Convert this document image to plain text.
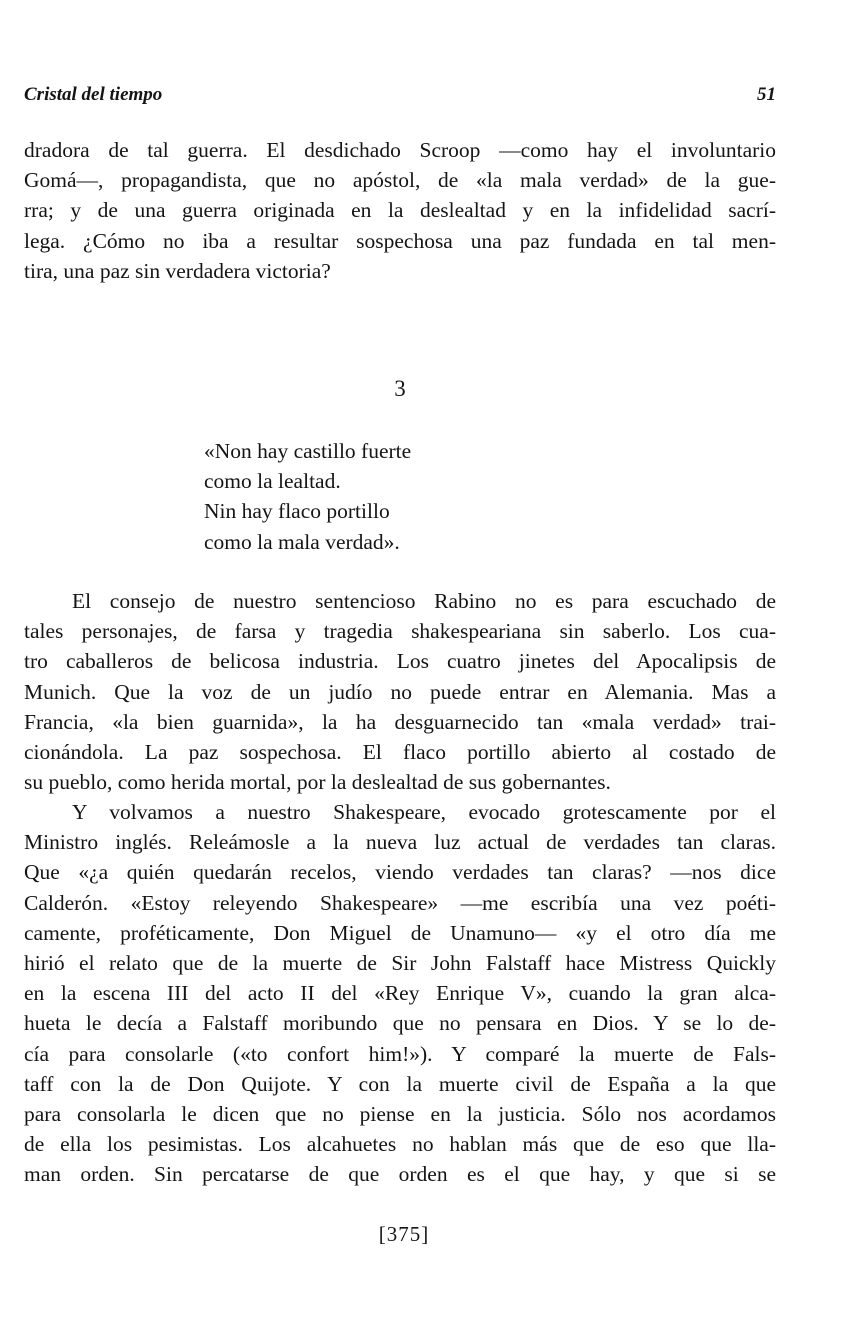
Cristal del tiempo	51
dradora de tal guerra. El desdichado Scroop —como hay el involuntario
Gomá—, propagandista, que no apóstol, de «la mala verdad» de la gue-
rra; y de una guerra originada en la deslealtad y en la infidelidad sacrí-
lega. ¿Cómo no iba a resultar sospechosa una paz fundada en tal men-
tira, una paz sin verdadera victoria?
3
«Non hay castillo fuerte
como la lealtad.
Nin hay flaco portillo
como la mala verdad».
El consejo de nuestro sentencioso Rabino no es para escuchado de
tales personajes, de farsa y tragedia shakespeariana sin saberlo. Los cua-
tro caballeros de belicosa industria. Los cuatro jinetes del Apocalipsis de
Munich. Que la voz de un judío no puede entrar en Alemania. Mas a
Francia, «la bien guarnida», la ha desguarnecido tan «mala verdad» trai-
cionándola. La paz sospechosa. El flaco portillo abierto al costado de
su pueblo, como herida mortal, por la deslealtad de sus gobernantes.
Y volvamos a nuestro Shakespeare, evocado grotescamente por el
Ministro inglés. Releámosle a la nueva luz actual de verdades tan claras.
Que «¿a quién quedarán recelos, viendo verdades tan claras? —nos dice
Calderón. «Estoy releyendo Shakespeare» —me escribía una vez poéti-
camente, proféticamente, Don Miguel de Unamuno— «y el otro día me
hirió el relato que de la muerte de Sir John Falstaff hace Mistress Quickly
en la escena III del acto II del «Rey Enrique V», cuando la gran alca-
hueta le decía a Falstaff moribundo que no pensara en Dios. Y se lo de-
cía para consolarle («to confort him!»). Y comparé la muerte de Fals-
taff con la de Don Quijote. Y con la muerte civil de España a la que
para consolarla le dicen que no piense en la justicia. Sólo nos acordamos
de ella los pesimistas. Los alcahuetes no hablan más que de eso que lla-
man orden. Sin percatarse de que orden es el que hay, y que si se
[375]
